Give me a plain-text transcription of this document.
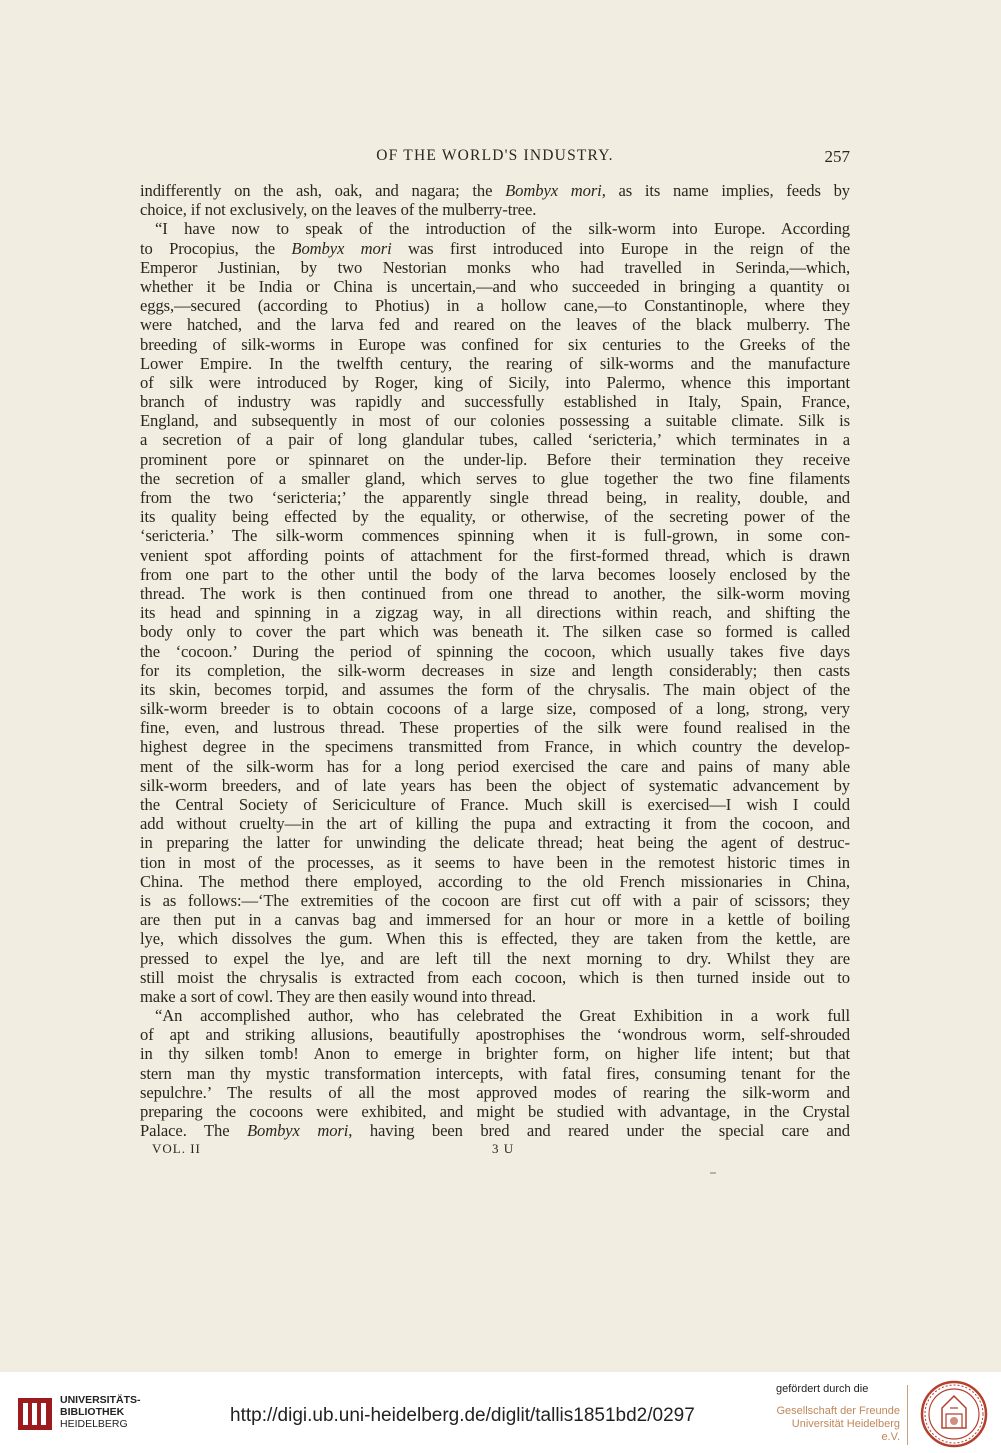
OF THE WORLD'S INDUSTRY.	257
indifferently on the ash, oak, and nagara; the Bombyx mori, as its name implies, feeds by
choice, if not exclusively, on the leaves of the mulberry-tree.
“I have now to speak of the introduction of the silk-worm into Europe. According
to Procopius, the Bombyx mori was first introduced into Europe in the reign of the
Emperor Justinian, by two Nestorian monks who had travelled in Serinda,—which,
whether it be India or China is uncertain,—and who succeeded in bringing a quantity oı
eggs,—secured (according to Photius) in a hollow cane,—to Constantinople, where they
were hatched, and the larva fed and reared on the leaves of the black mulberry. The
breeding of silk-worms in Europe was confined for six centuries to the Greeks of the
Lower Empire. In the twelfth century, the rearing of silk-worms and the manufacture
of silk were introduced by Roger, king of Sicily, into Palermo, whence this important
branch of industry was rapidly and successfully established in Italy, Spain, France,
England, and subsequently in most of our colonies possessing a suitable climate. Silk is
a secretion of a pair of long glandular tubes, called ‘sericteria,’ which terminates in a
prominent pore or spinnaret on the under-lip. Before their termination they receive
the secretion of a smaller gland, which serves to glue together the two fine filaments
from the two ‘sericteria;’ the apparently single thread being, in reality, double, and
its quality being effected by the equality, or otherwise, of the secreting power of the
‘sericteria.’ The silk-worm commences spinning when it is full-grown, in some con-
venient spot affording points of attachment for the first-formed thread, which is drawn
from one part to the other until the body of the larva becomes loosely enclosed by the
thread. The work is then continued from one thread to another, the silk-worm moving
its head and spinning in a zigzag way, in all directions within reach, and shifting the
body only to cover the part which was beneath it. The silken case so formed is called
the ‘cocoon.’ During the period of spinning the cocoon, which usually takes five days
for its completion, the silk-worm decreases in size and length considerably; then casts
its skin, becomes torpid, and assumes the form of the chrysalis. The main object of the
silk-worm breeder is to obtain cocoons of a large size, composed of a long, strong, very
fine, even, and lustrous thread. These properties of the silk were found realised in the
highest degree in the specimens transmitted from France, in which country the develop-
ment of the silk-worm has for a long period exercised the care and pains of many able
silk-worm breeders, and of late years has been the object of systematic advancement by
the Central Society of Sericiculture of France. Much skill is exercised—I wish I could
add without cruelty—in the art of killing the pupa and extracting it from the cocoon, and
in preparing the latter for unwinding the delicate thread; heat being the agent of destruc-
tion in most of the processes, as it seems to have been in the remotest historic times in
China. The method there employed, according to the old French missionaries in China,
is as follows:—‘The extremities of the cocoon are first cut off with a pair of scissors; they
are then put in a canvas bag and immersed for an hour or more in a kettle of boiling
lye, which dissolves the gum. When this is effected, they are taken from the kettle, are
pressed to expel the lye, and are left till the next morning to dry. Whilst they are
still moist the chrysalis is extracted from each cocoon, which is then turned inside out to
make a sort of cowl. They are then easily wound into thread.
“An accomplished author, who has celebrated the Great Exhibition in a work full
of apt and striking allusions, beautifully apostrophises the ‘wondrous worm, self-shrouded
in thy silken tomb! Anon to emerge in brighter form, on higher life intent; but that
stern man thy mystic transformation intercepts, with fatal fires, consuming tenant for the
sepulchre.’ The results of all the most approved modes of rearing the silk-worm and
preparing the cocoons were exhibited, and might be studied with advantage, in the Crystal
Palace. The Bombyx mori, having been bred and reared under the special care and
VOL. II	3 U
UNIVERSITÄTS-
BIBLIOTHEK
HEIDELBERG	http://digi.ub.uni-heidelberg.de/diglit/tallis1851bd2/0297
gefördert durch die
Gesellschaft der Freunde
Universität Heidelberg e.V.
